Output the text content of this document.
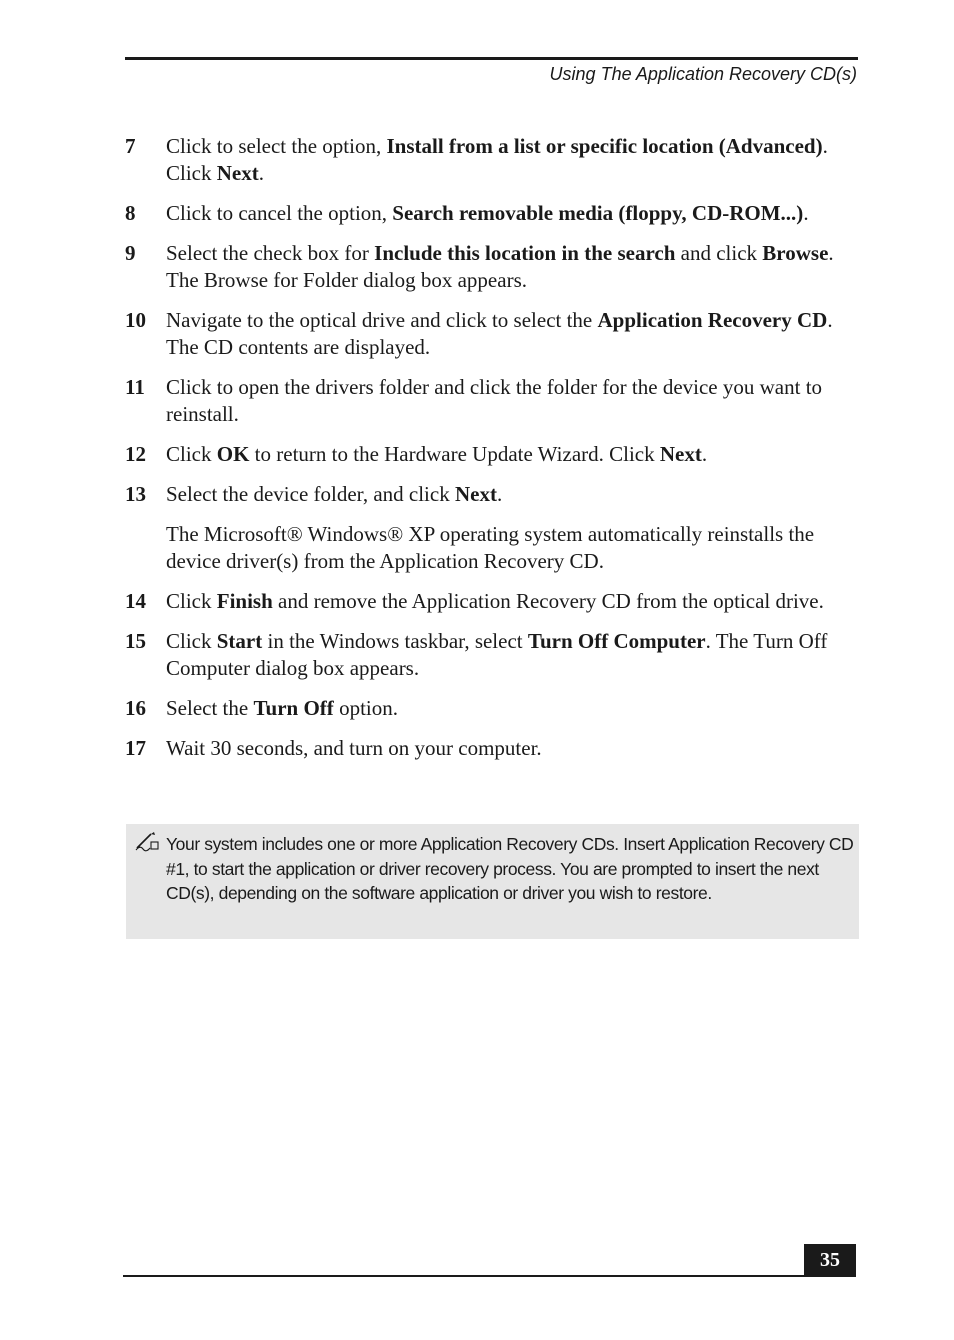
Using The Application Recovery CD(s)
7	Click to select the option, Install from a list or specific location (Advanced). Click Next.
8	Click to cancel the option, Search removable media (floppy, CD-ROM...).
9	Select the check box for Include this location in the search and click Browse. The Browse for Folder dialog box appears.
10 Navigate to the optical drive and click to select the Application Recovery CD. The CD contents are displayed.
11	Click to open the drivers folder and click the folder for the device you want to reinstall.
12 Click OK to return to the Hardware Update Wizard. Click Next.
13 Select the device folder, and click Next.
The Microsoft® Windows® XP operating system automatically reinstalls the device driver(s) from the Application Recovery CD.
14 Click Finish and remove the Application Recovery CD from the optical drive.
15 Click Start in the Windows taskbar, select Turn Off Computer. The Turn Off Computer dialog box appears.
16 Select the Turn Off option.
17 Wait 30 seconds, and turn on your computer.
Your system includes one or more Application Recovery CDs. Insert Application Recovery CD #1, to start the application or driver recovery process. You are prompted to insert the next CD(s), depending on the software application or driver you wish to restore.
35
